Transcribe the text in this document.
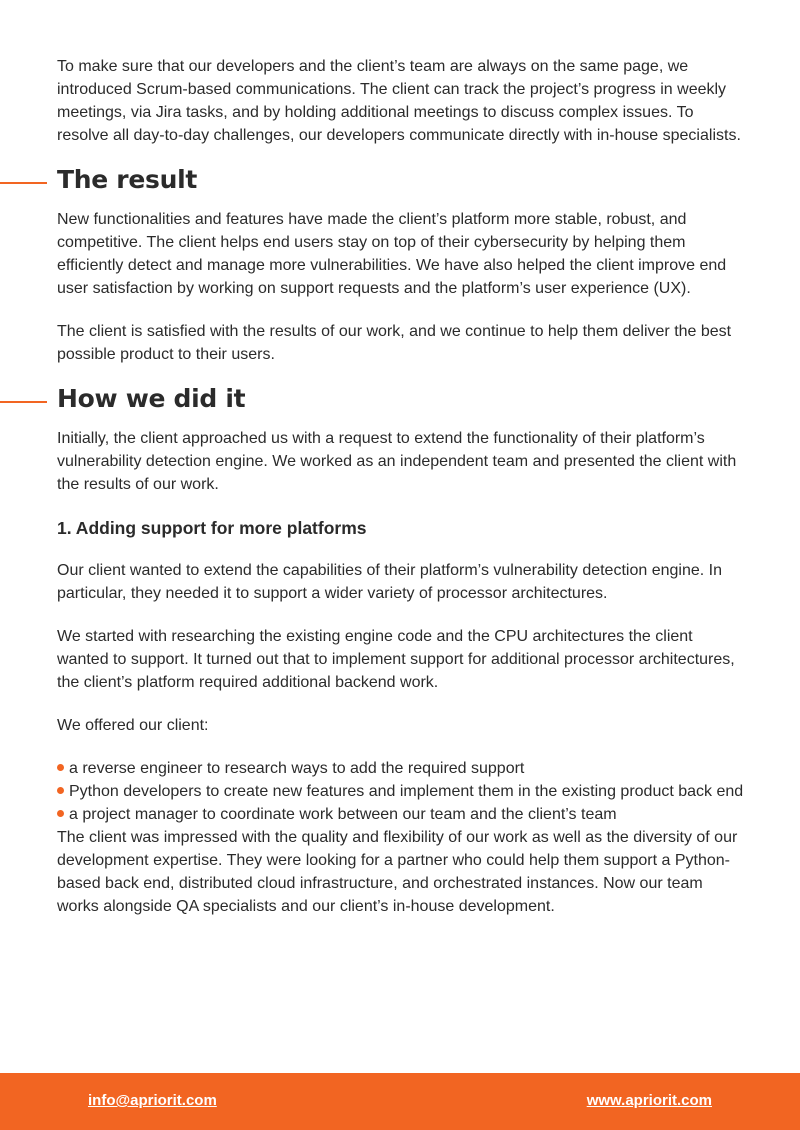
To make sure that our developers and the client’s team are always on the same page, we introduced Scrum-based communications. The client can track the project’s progress in weekly meetings, via Jira tasks, and by holding additional meetings to discuss complex issues. To resolve all day-to-day challenges, our developers communicate directly with in-house specialists.

The result

New functionalities and features have made the client’s platform more stable, robust, and competitive. The client helps end users stay on top of their cybersecurity by helping them efficiently detect and manage more vulnerabilities. We have also helped the client improve end user satisfaction by working on support requests and the platform’s user experience (UX).

The client is satisfied with the results of our work, and we continue to help them deliver the best possible product to their users.

How we did it

Initially, the client approached us with a request to extend the functionality of their platform’s vulnerability detection engine. We worked as an independent team and presented the client with the results of our work.

1. Adding support for more platforms

Our client wanted to extend the capabilities of their platform’s vulnerability detection engine. In particular, they needed it to support a wider variety of processor architectures.

We started with researching the existing engine code and the CPU architectures the client wanted to support. It turned out that to implement support for additional processor architectures, the client’s platform required additional backend work.

We offered our client:

a reverse engineer to research ways to add the required support

Python developers to create new features and implement them in the existing product back end

a project manager to coordinate work between our team and the client’s team

The client was impressed with the quality and flexibility of our work as well as the diversity of our development expertise. They were looking for a partner who could help them support a Python-based back end, distributed cloud infrastructure, and orchestrated instances. Now our team works alongside QA specialists and our client’s in-house development.

info@apriorit.com	www.apriorit.com
